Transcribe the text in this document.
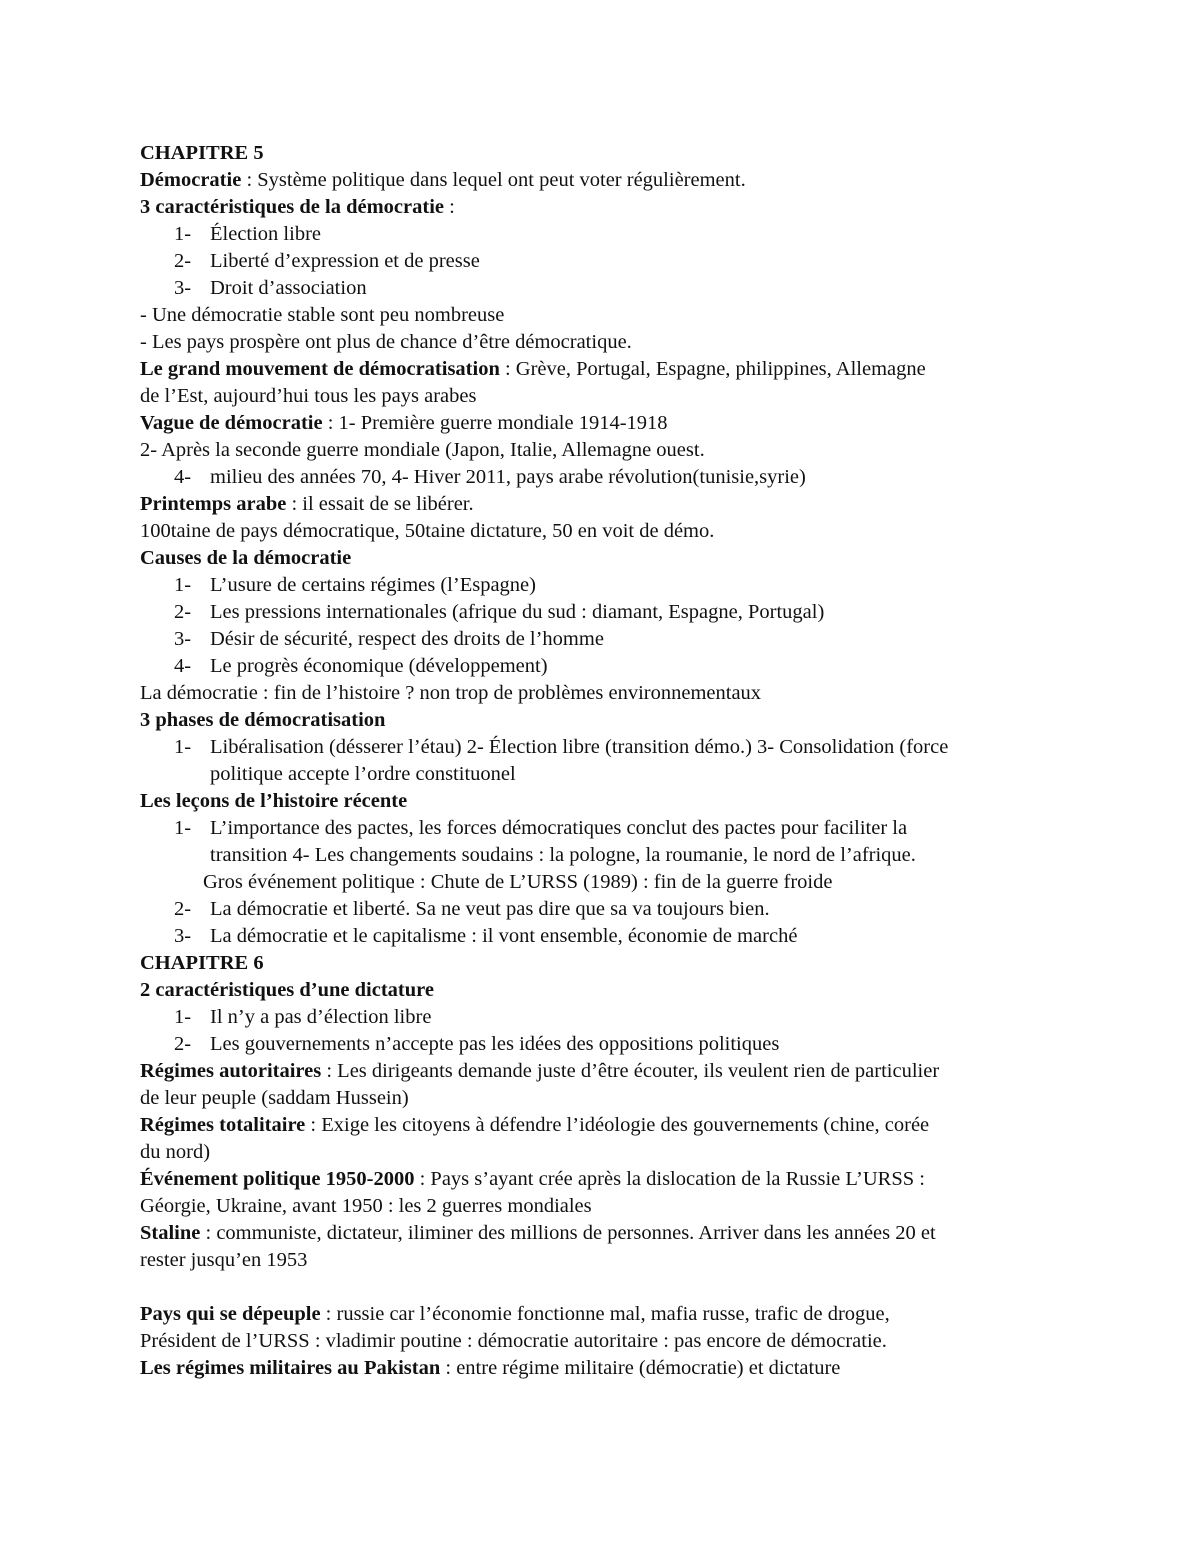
CHAPITRE 5
Démocratie : Système politique dans lequel ont peut voter régulièrement.
3 caractéristiques de la démocratie :
1- Élection libre
2- Liberté d’expression et de presse
3- Droit d’association
- Une démocratie stable sont peu nombreuse
- Les pays prospère ont plus de chance d’être démocratique.
Le grand mouvement de démocratisation : Grève, Portugal, Espagne, philippines, Allemagne
de l’Est, aujourd’hui tous les pays arabes
Vague de démocratie : 1- Première guerre mondiale 1914-1918
2- Après la seconde guerre mondiale (Japon, Italie, Allemagne ouest.
4- milieu des années 70, 4- Hiver 2011, pays arabe révolution(tunisie,syrie)
Printemps arabe : il essait de se libérer.
100taine de pays démocratique, 50taine dictature, 50 en voit de démo.
Causes de la démocratie
1- L’usure de certains régimes (l’Espagne)
2- Les pressions internationales (afrique du sud : diamant, Espagne, Portugal)
3- Désir de sécurité, respect des droits de l’homme
4- Le progrès économique (développement)
La démocratie : fin de l’histoire ? non trop de problèmes environnementaux
3 phases de démocratisation
1- Libéralisation (désserer l’étau) 2- Élection libre (transition démo.) 3- Consolidation (force
politique accepte l’ordre constituonel
Les leçons de l’histoire récente
1- L’importance des pactes, les forces démocratiques conclut des pactes pour faciliter la
transition 4- Les changements soudains : la pologne, la roumanie, le nord de l’afrique.
Gros événement politique : Chute de L’URSS (1989) : fin de la guerre froide
2- La démocratie et liberté. Sa ne veut pas dire que sa va toujours bien.
3- La démocratie et le capitalisme : il vont ensemble, économie de marché
CHAPITRE 6
2 caractéristiques d’une dictature
1- Il n’y a pas d’élection libre
2- Les gouvernements n’accepte pas les idées des oppositions politiques
Régimes autoritaires : Les dirigeants demande juste d’être écouter, ils veulent rien de particulier
de leur peuple (saddam Hussein)
Régimes totalitaire : Exige les citoyens à défendre l’idéologie des gouvernements (chine, corée
du nord)
Événement politique 1950-2000 : Pays s’ayant crée après la dislocation de la Russie L’URSS :
Géorgie, Ukraine, avant 1950 : les 2 guerres mondiales
Staline : communiste, dictateur, iliminer des millions de personnes. Arriver dans les années 20 et
rester jusqu’en 1953
Pays qui se dépeuple : russie car l’économie fonctionne mal, mafia russe, trafic de drogue,
Président de l’URSS : vladimir poutine : démocratie autoritaire : pas encore de démocratie.
Les régimes militaires au Pakistan : entre régime militaire (démocratie) et dictature
